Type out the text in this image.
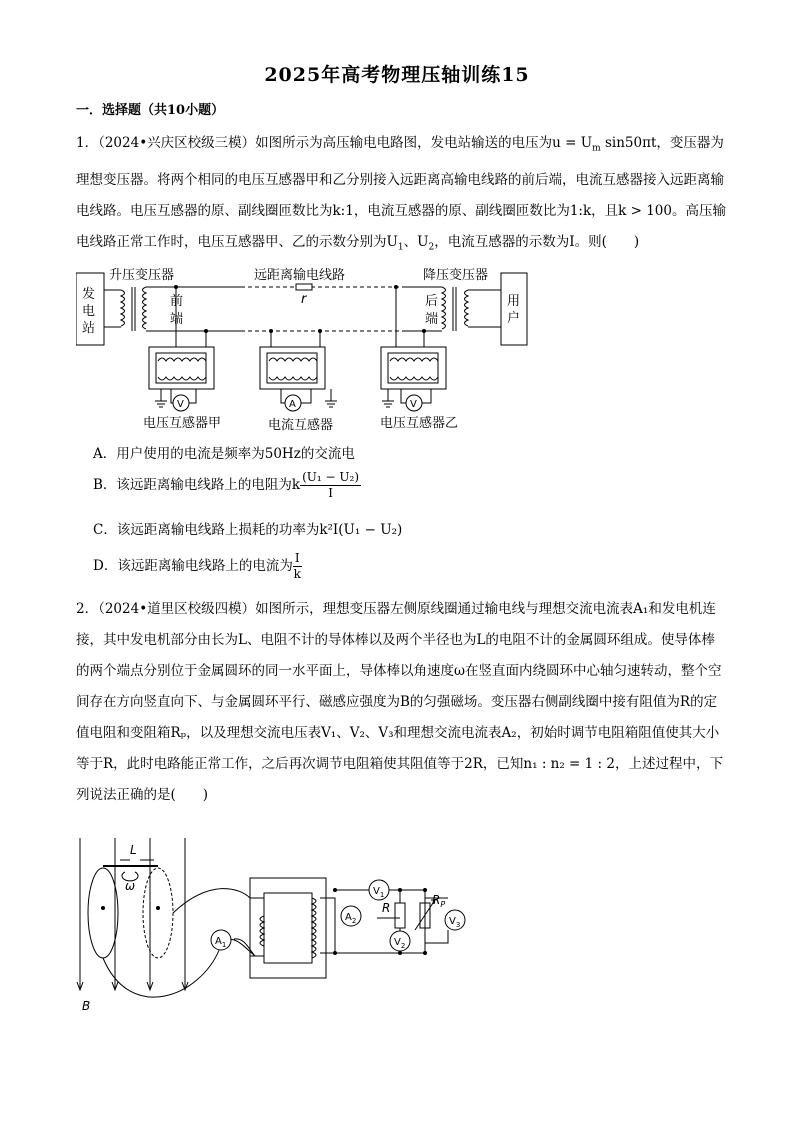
2025年高考物理压轴训练15
一．选择题（共10小题）
1．（2024•兴庆区校级三模）如图所示为高压输电电路图，发电站输送的电压为$u = U_m$ sin50πt，变压器为理想变压器。将两个相同的电压互感器甲和乙分别接入远距离高输电线路的前后端，电流互感器接入远距离输电线路。电压互感器的原、副线圈匝数比为k:1，电流互感器的原、副线圈匝数比为1:k，且k > 100。高压输电线路正常工作时，电压互感器甲、乙的示数分别为$U_1$、$U_2$，电流互感器的示数为I。则(　　)
发
电
站
升压变压器	远距离输电线路
r
降压变压器
前
端
后
端
用
户
电压互感器甲	电流互感器	电压互感器乙
V	A	V
A．用户使用的电流是频率为50Hz的交流电
B．该远距离输电线路上的电阻为k $\frac{\text{(U₁ − U₂)}}{I}$
C．该远距离输电线路上损耗的功率为k²I(U₁ − U₂)
D．该远距离输电线路上的电流为 $\frac{I}{k}$
2．（2024•道里区校级四模）如图所示，理想变压器左侧原线圈通过输电线与理想交流电流表A₁和发电机连接，其中发电机部分由长为L、电阻不计的导体棒以及两个半径也为L的电阻不计的金属圆环组成。使导体棒的两个端点分别位于金属圆环的同一水平面上，导体棒以角速度ω在竖直面内绕圆环中心轴匀速转动，整个空间存在方向竖直向下、与金属圆环平行、磁感应强度为B的匀强磁场。变压器右侧副线圈中接有阻值为R的定值电阻和变阻箱Rₚ，以及理想交流电压表V₁、V₂、V₃和理想交流电流表A₂，初始时调节电阻箱阻值使其大小等于R，此时电路能正常工作，之后再次调节电阻箱使其阻值等于2R，已知n₁ : n₂ = 1 : 2，上述过程中，下列说法正确的是(　　)
L
ω
B
R
$R_P$
$A_1$
$A_2$
$V_1$
$V_2$
$V_3$
